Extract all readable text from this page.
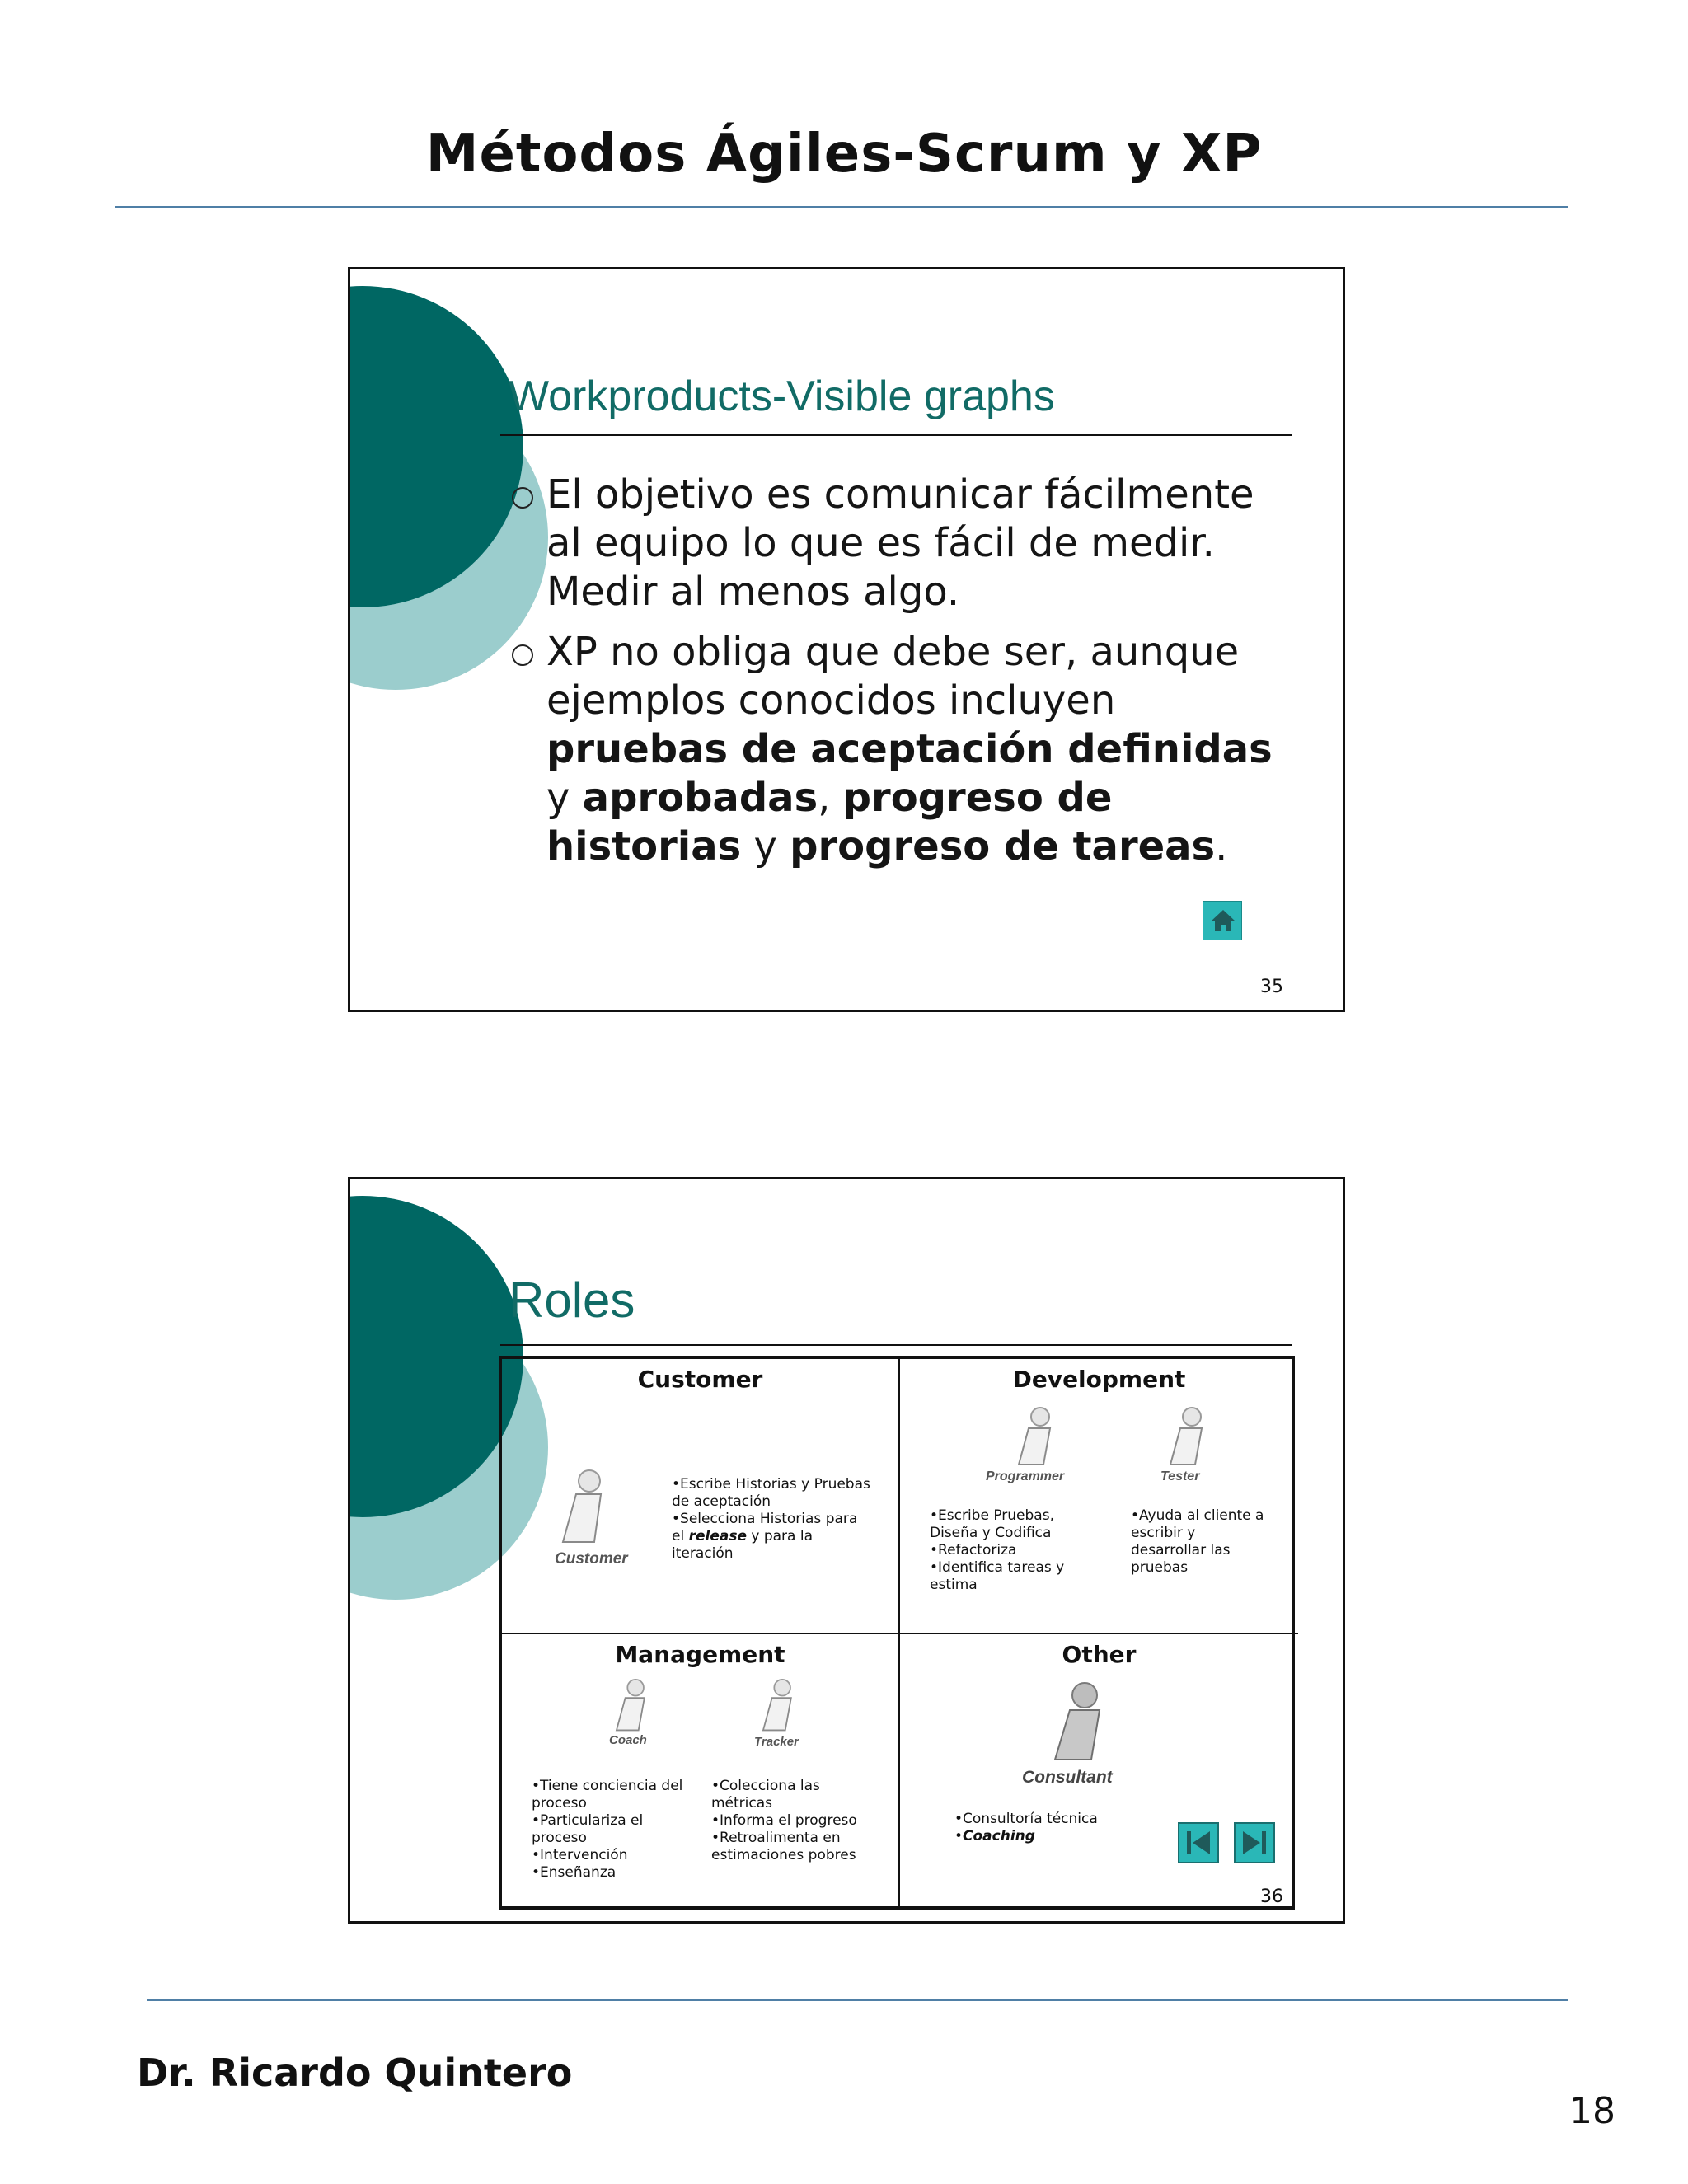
Métodos Ágiles-Scrum y XP
Workproducts-Visible graphs
El objetivo es comunicar fácilmente al equipo lo que es fácil de medir. Medir al menos algo.
XP no obliga que debe ser, aunque ejemplos conocidos incluyen pruebas de aceptación definidas y aprobadas, progreso de historias y progreso de tareas.
35
Roles
Customer
Customer
•Escribe Historias y Pruebas
de aceptación
•Selecciona Historias para
el release y para la
iteración
Development
Programmer	Tester
•Escribe Pruebas,
Diseña y Codifica
•Refactoriza
•Identifica tareas y
estima
•Ayuda al cliente a
escribir y
desarrollar las
pruebas
Management
Coach	Tracker
•Tiene conciencia del
proceso
•Particulariza el
proceso
•Intervención
•Enseñanza
•Colecciona las
métricas
•Informa el progreso
•Retroalimenta en
estimaciones pobres
Other
Consultant
•Consultoría técnica
•Coaching
36
Dr. Ricardo Quintero
18
